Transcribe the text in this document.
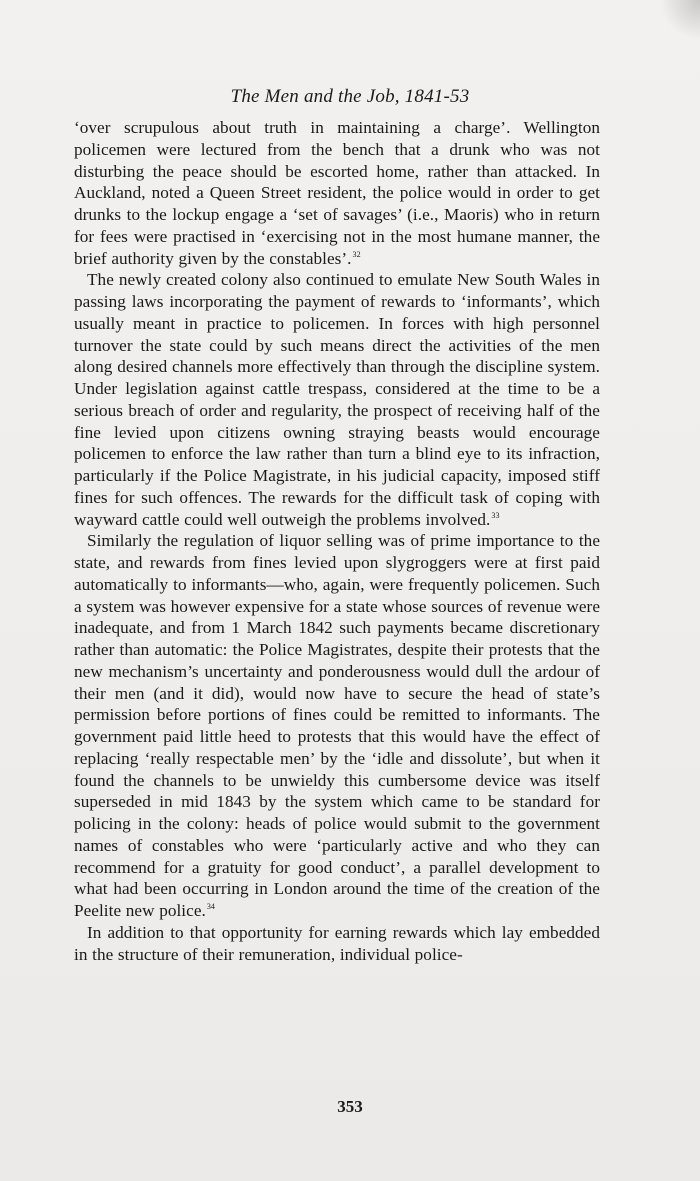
The Men and the Job, 1841-53

‘over scrupulous about truth in maintaining a charge’. Wellington policemen were lectured from the bench that a drunk who was not disturbing the peace should be escorted home, rather than attacked. In Auckland, noted a Queen Street resident, the police would in order to get drunks to the lockup engage a ‘set of savages’ (i.e., Maoris) who in return for fees were practised in ‘exercising not in the most humane manner, the brief authority given by the constables’.$^{32}$

The newly created colony also continued to emulate New South Wales in passing laws incorporating the payment of rewards to ‘informants’, which usually meant in practice to policemen. In forces with high personnel turnover the state could by such means direct the activities of the men along desired channels more effectively than through the discipline system. Under legislation against cattle trespass, considered at the time to be a serious breach of order and regularity, the prospect of receiving half of the fine levied upon citizens owning straying beasts would encourage policemen to enforce the law rather than turn a blind eye to its infraction, particularly if the Police Magistrate, in his judicial capacity, imposed stiff fines for such offences. The rewards for the difficult task of coping with wayward cattle could well outweigh the problems involved.$^{33}$

Similarly the regulation of liquor selling was of prime importance to the state, and rewards from fines levied upon slygroggers were at first paid automatically to informants—who, again, were frequently policemen. Such a system was however expensive for a state whose sources of revenue were inadequate, and from 1 March 1842 such payments became discretionary rather than automatic: the Police Magistrates, despite their protests that the new mechanism’s uncertainty and ponderousness would dull the ardour of their men (and it did), would now have to secure the head of state’s permission before portions of fines could be remitted to informants. The government paid little heed to protests that this would have the effect of replacing ‘really respectable men’ by the ‘idle and dissolute’, but when it found the channels to be unwieldy this cumbersome device was itself superseded in mid 1843 by the system which came to be standard for policing in the colony: heads of police would submit to the government names of constables who were ‘particularly active and who they can recommend for a gratuity for good conduct’, a parallel development to what had been occurring in London around the time of the creation of the Peelite new police.$^{34}$

In addition to that opportunity for earning rewards which lay embedded in the structure of their remuneration, individual police-

353
